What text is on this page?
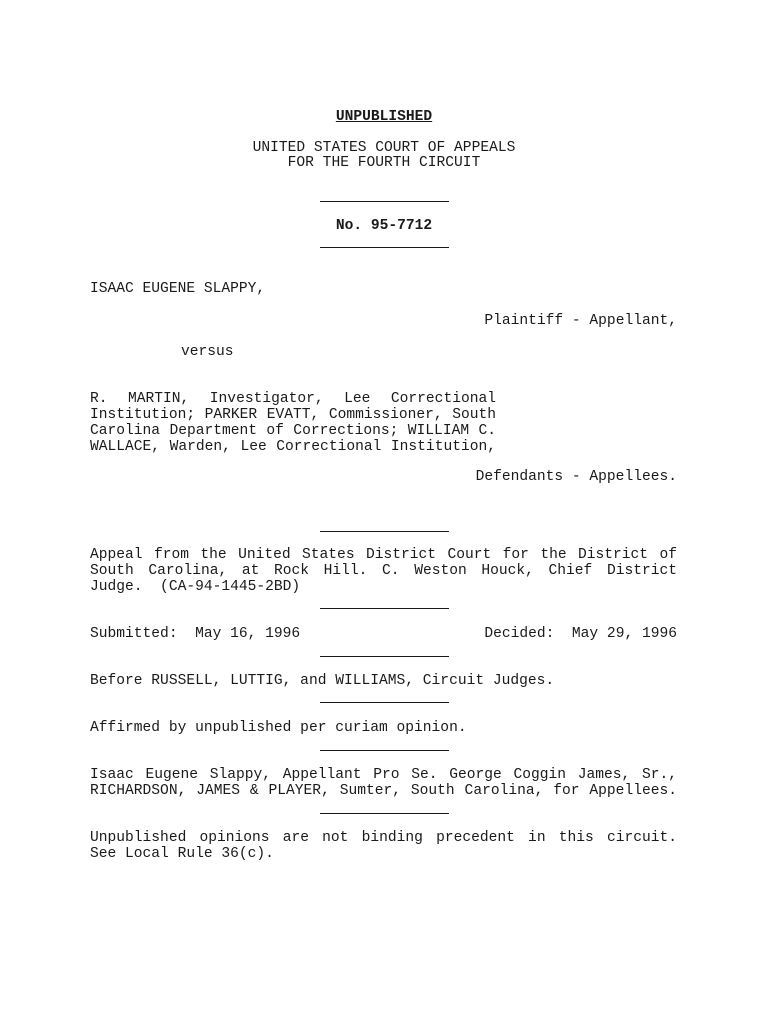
UNPUBLISHED
UNITED STATES COURT OF APPEALS
FOR THE FOURTH CIRCUIT
No. 95-7712
ISAAC EUGENE SLAPPY,
Plaintiff - Appellant,
versus
R. MARTIN, Investigator, Lee Correctional
Institution; PARKER EVATT, Commissioner, South
Carolina Department of Corrections; WILLIAM C.
WALLACE, Warden, Lee Correctional Institution,
Defendants - Appellees.
Appeal from the United States District Court for the District of
South Carolina, at Rock Hill. C. Weston Houck, Chief District
Judge.  (CA-94-1445-2BD)
Submitted:  May 16, 1996	Decided:  May 29, 1996
Before RUSSELL, LUTTIG, and WILLIAMS, Circuit Judges.
Affirmed by unpublished per curiam opinion.
Isaac Eugene Slappy, Appellant Pro Se. George Coggin James, Sr.,
RICHARDSON, JAMES & PLAYER, Sumter, South Carolina, for Appellees.
Unpublished opinions are not binding precedent in this circuit.
See Local Rule 36(c).
